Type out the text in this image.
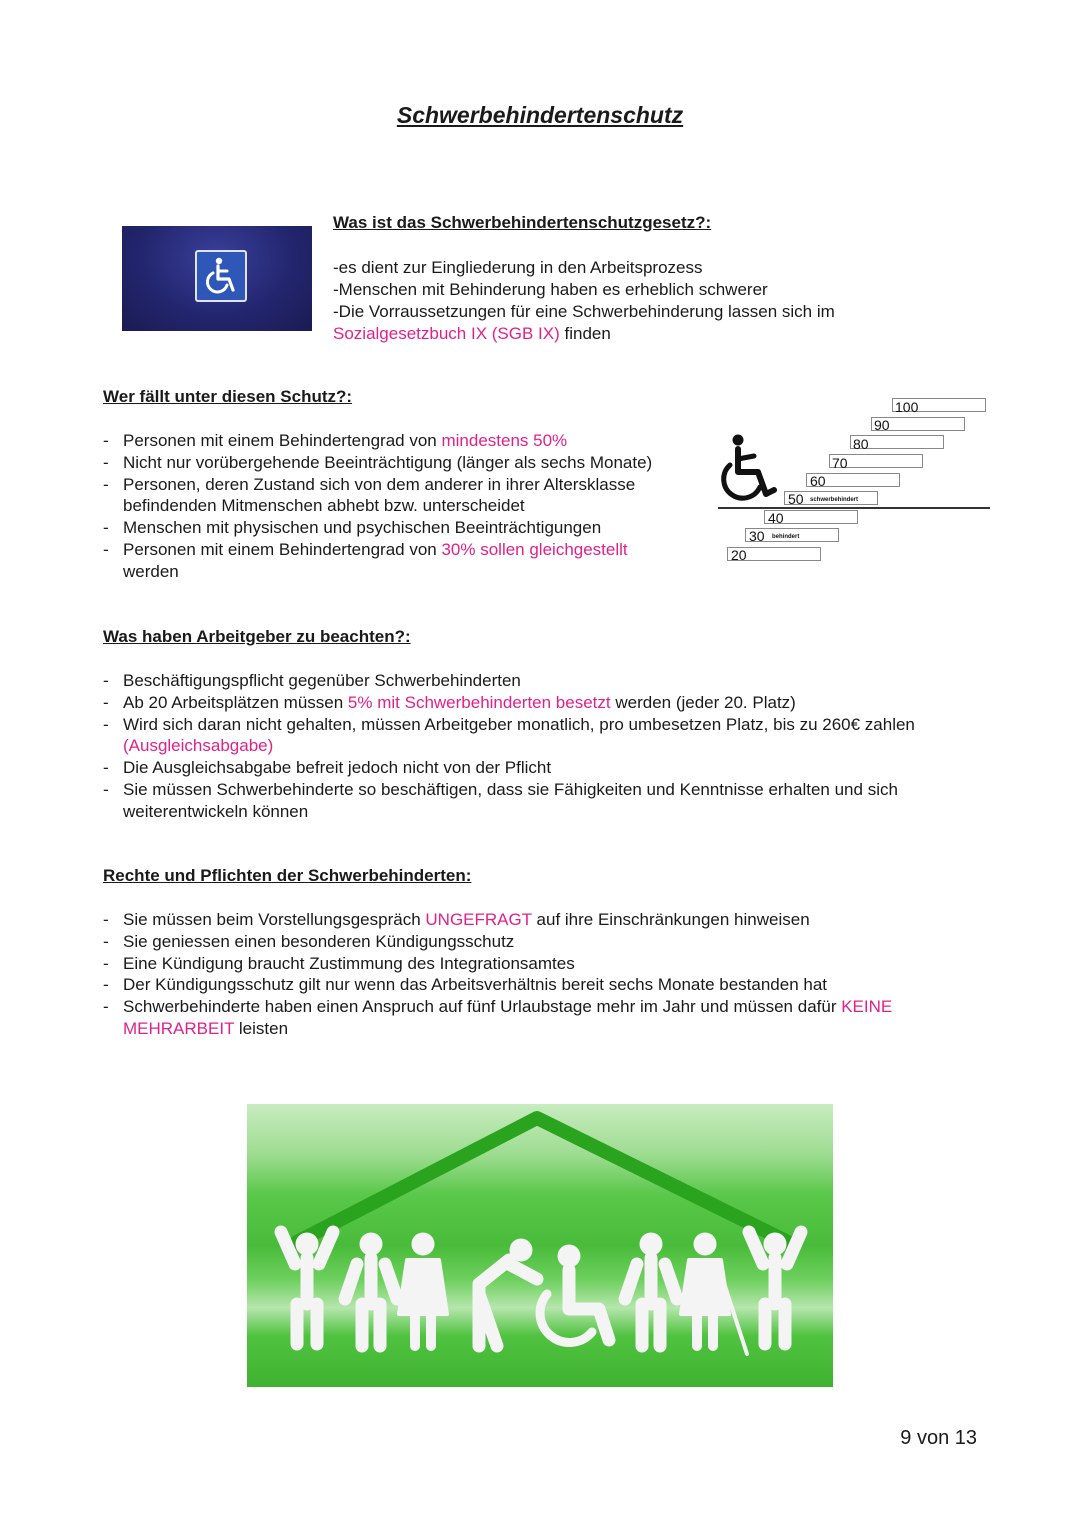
Schwerbehindertenschutz
Was ist das Schwerbehindertenschutzgesetz?:
-es dient zur Eingliederung in den Arbeitsprozess
-Menschen mit Behinderung haben es erheblich schwerer
-Die Vorraussetzungen für eine Schwerbehinderung lassen sich im
Sozialgesetzbuch IX (SGB IX) finden
Wer fällt unter diesen Schutz?:
- Personen mit einem Behindertengrad von mindestens 50%
- Nicht nur vorübergehende Beeinträchtigung (länger als sechs Monate)
- Personen, deren Zustand sich von dem anderer in ihrer Altersklasse befindenden Mitmenschen abhebt bzw. unterscheidet
- Menschen mit physischen und psychischen Beeinträchtigungen
- Personen mit einem Behindertengrad von 30% sollen gleichgestellt werden
100
90
80
70
60
50 schwerbehindert
40
30 behindert
20
Was haben Arbeitgeber zu beachten?:
- Beschäftigungspflicht gegenüber Schwerbehinderten
- Ab 20 Arbeitsplätzen müssen 5% mit Schwerbehinderten besetzt werden (jeder 20. Platz)
- Wird sich daran nicht gehalten, müssen Arbeitgeber monatlich, pro umbesetzen Platz, bis zu 260€ zahlen (Ausgleichsabgabe)
- Die Ausgleichsabgabe befreit jedoch nicht von der Pflicht
- Sie müssen Schwerbehinderte so beschäftigen, dass sie Fähigkeiten und Kenntnisse erhalten und sich weiterentwickeln können
Rechte und Pflichten der Schwerbehinderten:
- Sie müssen beim Vorstellungsgespräch UNGEFRAGT auf ihre Einschränkungen hinweisen
- Sie geniessen einen besonderen Kündigungsschutz
- Eine Kündigung braucht Zustimmung des Integrationsamtes
- Der Kündigungsschutz gilt nur wenn das Arbeitsverhältnis bereit sechs Monate bestanden hat
- Schwerbehinderte haben einen Anspruch auf fünf Urlaubstage mehr im Jahr und müssen dafür KEINE MEHRARBEIT leisten
9 von 13
